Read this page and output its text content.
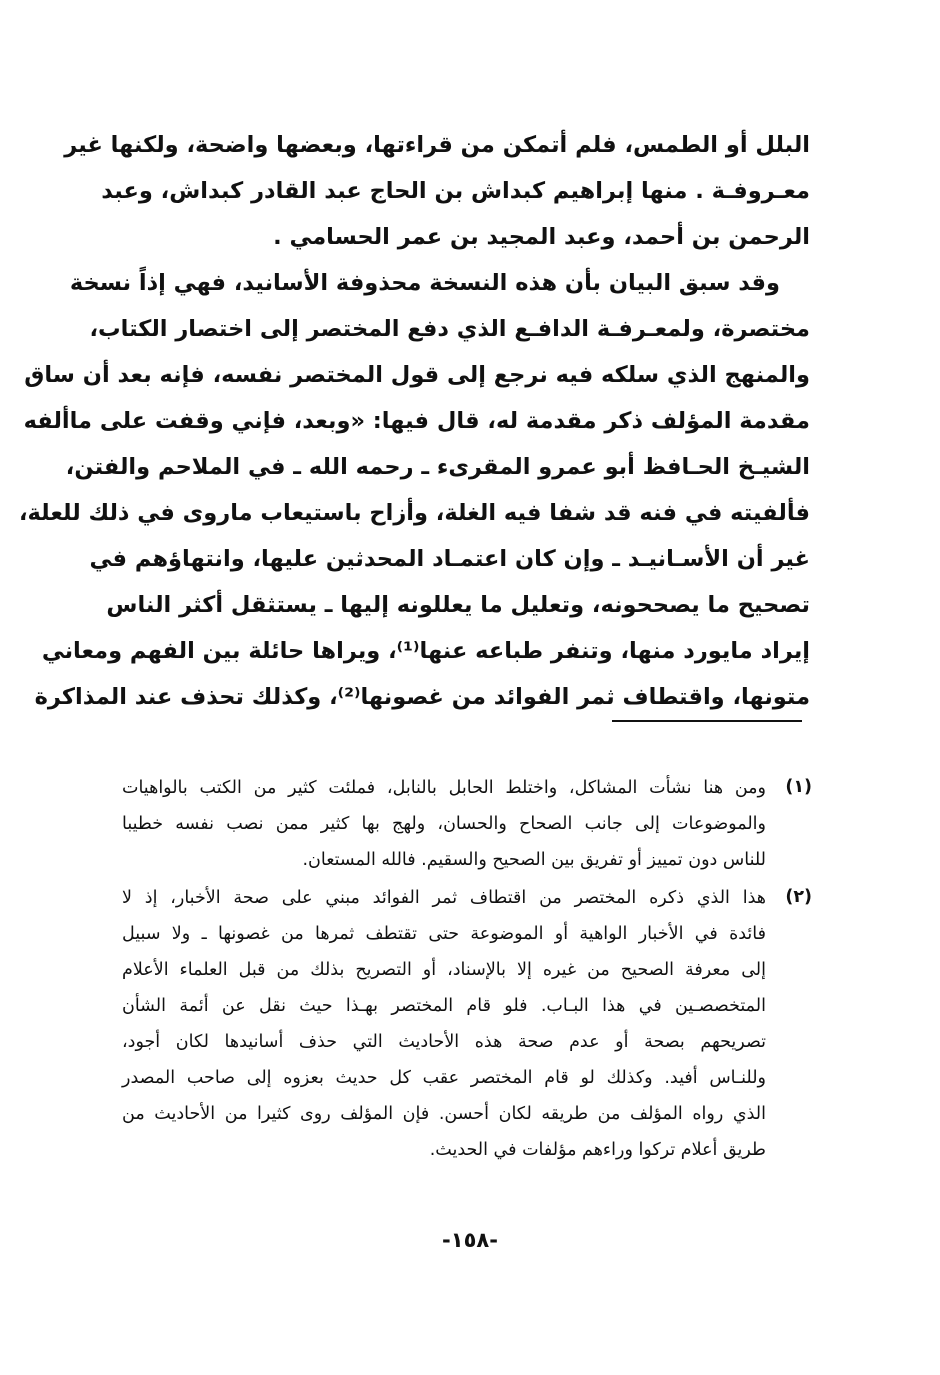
البلل أو الطمس، فلم أتمكن من قراءتها، وبعضها واضحة، ولكنها غير
معـروفـة . منها إبراهيم كبداش بن الحاج عبد القادر كبداش، وعبد
الرحمن بن أحمد، وعبد المجيد بن عمر الحسامي .
وقد سبق البيان بأن هذه النسخة محذوفة الأسانيد، فهي إذاً نسخة
مختصرة، ولمعـرفـة الدافـع الذي دفع المختصر إلى اختصار الكتاب،
والمنهج الذي سلكه فيه نرجع إلى قول المختصر نفسه، فإنه بعد أن ساق
مقدمة المؤلف ذكر مقدمة له، قال فيها: «وبعد، فإني وقفت على ماألفه
الشيـخ الحـافظ أبو عمرو المقرىء ـ رحمه الله ـ في الملاحم والفتن،
فألفيته في فنه قد شفا فيه الغلة، وأزاح باستيعاب ماروى في ذلك للعلة،
غير أن الأسـانيـد ـ وإن كان اعتمـاد المحدثين عليها، وانتهاؤهم في
تصحيح ما يصححونه، وتعليل ما يعللونه إليها ـ يستثقل أكثر الناس
إيراد مايورد منها، وتنفر طباعه عنها⁽¹⁾، ويراها حائلة بين الفهم ومعاني
متونها، واقتطاف ثمر الفوائد من غصونها⁽²⁾، وكذلك تحذف عند المذاكرة
(١)
ومن هنا نشأت المشاكل، واختلط الحابل بالنابل، فملئت كثير من الكتب بالواهيات
والموضوعات إلى جانب الصحاح والحسان، ولهج بها كثير ممن نصب نفسه خطيبا
للناس دون تمييز أو تفريق بين الصحيح والسقيم. فالله المستعان.
(٢)
هذا الذي ذكره المختصر من اقتطاف ثمر الفوائد مبني على صحة الأخبار، إذ لا
فائدة في الأخبار الواهية أو الموضوعة حتى تقتطف ثمرها من غصونها ـ ولا سبيل
إلى معرفة الصحيح من غيره إلا بالإسناد، أو التصريح بذلك من قبل العلماء الأعلام
المتخصصـين في هذا البـاب. فلو قام المختصر بهـذا حيث نقل عن أئمة الشأن
تصريحهم بصحة أو عدم صحة هذه الأحاديث التي حذف أسانيدها لكان أجود،
وللنـاس أفيد. وكذلك لو قام المختصر عقب كل حديث بعزوه إلى صاحب المصدر
الذي رواه المؤلف من طريقه لكان أحسن. فإن المؤلف روى كثيرا من الأحاديث من
طريق أعلام تركوا وراءهم مؤلفات في الحديث.
-١٥٨-
